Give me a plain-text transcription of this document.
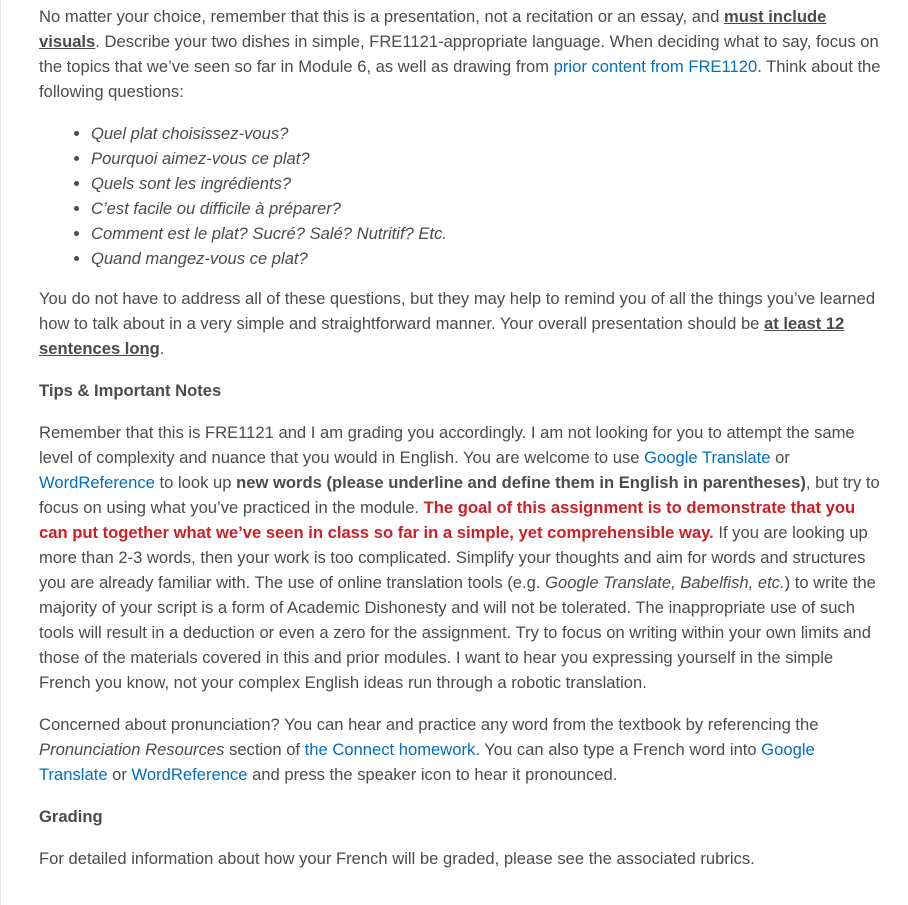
No matter your choice, remember that this is a presentation, not a recitation or an essay, and must include visuals. Describe your two dishes in simple, FRE1121-appropriate language. When deciding what to say, focus on the topics that we’ve seen so far in Module 6, as well as drawing from prior content from FRE1120. Think about the following questions:

• Quel plat choisissez-vous?
• Pourquoi aimez-vous ce plat?
• Quels sont les ingrédients?
• C’est facile ou difficile à préparer?
• Comment est le plat? Sucré? Salé? Nutritif? Etc.
• Quand mangez-vous ce plat?

You do not have to address all of these questions, but they may help to remind you of all the things you’ve learned how to talk about in a very simple and straightforward manner. Your overall presentation should be at least 12 sentences long.

Tips & Important Notes

Remember that this is FRE1121 and I am grading you accordingly. I am not looking for you to attempt the same level of complexity and nuance that you would in English. You are welcome to use Google Translate or WordReference to look up new words (please underline and define them in English in parentheses), but try to focus on using what you’ve practiced in the module. The goal of this assignment is to demonstrate that you can put together what we’ve seen in class so far in a simple, yet comprehensible way. If you are looking up more than 2-3 words, then your work is too complicated. Simplify your thoughts and aim for words and structures you are already familiar with. The use of online translation tools (e.g. Google Translate, Babelfish, etc.) to write the majority of your script is a form of Academic Dishonesty and will not be tolerated. The inappropriate use of such tools will result in a deduction or even a zero for the assignment. Try to focus on writing within your own limits and those of the materials covered in this and prior modules. I want to hear you expressing yourself in the simple French you know, not your complex English ideas run through a robotic translation.

Concerned about pronunciation? You can hear and practice any word from the textbook by referencing the Pronunciation Resources section of the Connect homework. You can also type a French word into Google Translate or WordReference and press the speaker icon to hear it pronounced.

Grading

For detailed information about how your French will be graded, please see the associated rubrics.
